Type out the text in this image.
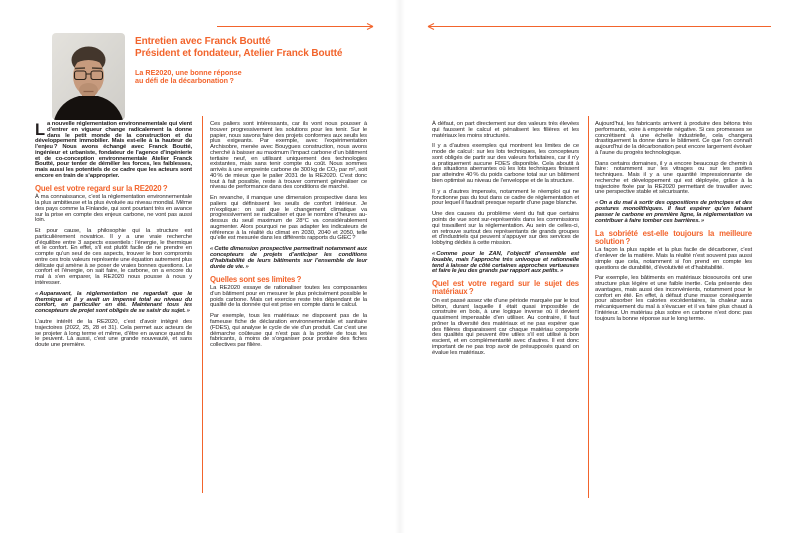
Entretien avec Franck Boutté
Président et fondateur, Atelier Franck Boutté
La RE2020, une bonne réponse
au défi de la décarbonation ?

La nouvelle réglementation environnementale qui vient d’entrer en vigueur change radicalement la donne dans le petit monde de la construction et du développement immobilier. Mais est-elle à la hauteur de l’enjeu ? Nous avons échangé avec Franck Boutté, ingénieur et urbaniste, fondateur de l’agence d’ingénierie et de co-conception environnementale Atelier Franck Boutté, pour tenter de démêler les forces, les faiblesses, mais aussi les potentiels de ce cadre que les acteurs sont encore en train de s’approprier.

Quel est votre regard sur la RE2020 ?

À ma connaissance, c’est la réglementation environnementale la plus ambitieuse et la plus évoluée au niveau mondial. Même des pays comme la Finlande, qui sont pourtant très en avance sur la prise en compte des enjeux carbone, ne vont pas aussi loin.

Et pour cause, la philosophie qui la structure est particulièrement novatrice. Il y a une vraie recherche d’équilibre entre 3 aspects essentiels : l’énergie, le thermique et le confort. En effet, s’il est plutôt facile de ne prendre en compte qu’un seul de ces aspects, trouver le bon compromis entre ces trois valeurs représente une équation autrement plus délicate qui amène à se poser de vraies bonnes questions. Le confort et l’énergie, on sait faire, le carbone, on a encore du mal à s’en emparer, la RE2020 nous pousse à nous y intéresser.

« Auparavant, la réglementation ne regardait que le thermique et il y avait un impensé total au niveau du confort, en particulier en été. Maintenant tous les concepteurs de projet sont obligés de se saisir du sujet. »

L’autre intérêt de la RE2020, c’est d’avoir intégré des trajectoires (2022, 25, 28 et 31). Cela permet aux acteurs de se projeter à long terme et même, d’être en avance quand ils le peuvent. Là aussi, c’est une grande nouveauté, et sans doute une première.

Ces paliers sont intéressants, car ils vont nous pousser à trouver progressivement les solutions pour les tenir. Sur le papier, nous savons faire des projets conformes aux seuils les plus exigeants. Par exemple, avec l’expérimentation Archisobre, menée avec Bouygues construction, nous avons cherché à baisser au maximum l’impact carbone d’un bâtiment tertiaire neuf, en utilisant uniquement des technologies existantes, mais sans tenir compte du coût. Nous sommes arrivés à une empreinte carbone de 300 kg de CO₂ par m², soit 40 % de mieux que le palier 2031 de la RE2020. C’est donc tout à fait possible, reste à trouver comment généraliser ce niveau de performance dans des conditions de marché.

En revanche, il manque une dimension prospective dans les paliers qui définissent les seuils de confort intérieur. Je m’explique : on sait que le changement climatique va progressivement se radicaliser et que le nombre d’heures au-dessus du seuil maximum de 28°C va considérablement augmenter. Alors pourquoi ne pas adapter les indicateurs de référence à la réalité du climat en 2030, 2040 et 2050, telle qu’elle est mesurée dans les différents rapports du GIEC ?

« Cette dimension prospective permettrait notamment aux concepteurs de projets d’anticiper les conditions d’habitabilité de leurs bâtiments sur l’ensemble de leur durée de vie. »

Quelles sont ses limites ?

La RE2020 essaye de rationaliser toutes les composantes d’un bâtiment pour en mesurer le plus précisément possible le poids carbone. Mais cet exercice reste très dépendant de la qualité de la donnée qui est prise en compte dans le calcul.

Par exemple, tous les matériaux ne disposent pas de la fameuse fiche de déclaration environnementale et sanitaire (FDES), qui analyse le cycle de vie d’un produit. Car c’est une démarche coûteuse qui n’est pas à la portée de tous les fabricants, à moins de s’organiser pour produire des fiches collectives par filière.

À défaut, on part directement sur des valeurs très élevées qui faussent le calcul et pénalisent les filières et les matériaux les moins structurés.

Il y a d’autres exemples qui montrent les limites de ce mode de calcul : sur les lots techniques, les concepteurs sont obligés de partir sur des valeurs forfaitaires, car il n’y a pratiquement aucune FDES disponible. Cela aboutit à des situations aberrantes où les lots techniques finissent par atteindre 40 % du poids carbone total sur un bâtiment bien optimisé au niveau de l’enveloppe et de la structure.

Il y a d’autres impensés, notamment le réemploi qui ne fonctionne pas du tout dans ce cadre de réglementation et pour lequel il faudrait presque repartir d’une page blanche.

Une des causes du problème vient du fait que certains points de vue sont sur-représentés dans les commissions qui travaillent sur la réglementation. Au sein de celles-ci, on retrouve surtout des représentants de grands groupes et d’industriels qui peuvent s’appuyer sur des services de lobbying dédiés à cette mission.

« Comme pour le ZAN, l’objectif d’ensemble est louable, mais l’approche très univoque et rationnelle tend à laisser de côté certaines approches vertueuses et faire le jeu des grands par rapport aux petits. »

Quel est votre regard sur le sujet des matériaux ?

On est passé assez vite d’une période marquée par le tout béton, durant laquelle il était quasi impossible de construire en bois, à une logique inverse où il devient quasiment impensable d’en utiliser. Au contraire, il faut prôner la diversité des matériaux et ne pas espérer que des filières disparaissent car chaque matériau comporte des qualités qui peuvent être utiles s’il est utilisé à bon escient, et en complémentarité avec d’autres. Il est donc important de ne pas trop avoir de présupposés quand on évalue les matériaux.

Aujourd’hui, les fabricants arrivent à produire des bétons très performants, voire à empreinte négative. Si ces promesses se concrétisent à une échelle industrielle, cela changera drastiquement la donne dans le bâtiment. Ce que l’on connaît aujourd’hui de la décarbonation peut encore largement évoluer à l’aune du progrès technologique.

Dans certains domaines, il y a encore beaucoup de chemin à faire : notamment sur les vitrages ou sur les parties techniques. Mais il y a une quantité impressionnante de recherche et développement qui est déployée, grâce à la trajectoire fixée par la RE2020 permettant de travailler avec une perspective stable et sécurisante.

« On a du mal à sortir des oppositions de principes et des postures monolithiques. Il faut espérer qu’en faisant passer le carbone en première ligne, la réglementation va contribuer à faire tomber ces barrières. »

La sobriété est-elle toujours la meilleure solution ?

La façon la plus rapide et la plus facile de décarboner, c’est d’enlever de la matière. Mais la réalité n’est souvent pas aussi simple que cela, notamment si l’on prend en compte les questions de durabilité, d’évolutivité et d’habitabilité.

Par exemple, les bâtiments en matériaux biosourcés ont une structure plus légère et une faible inertie. Cela présente des avantages, mais aussi des inconvénients, notamment pour le confort en été. En effet, à défaut d’une masse conséquente pour absorber les calories excédentaires, la chaleur aura mécaniquement du mal à s’évacuer et il va faire plus chaud à l’intérieur. Un matériau plus sobre en carbone n’est donc pas toujours la bonne réponse sur le long terme.
